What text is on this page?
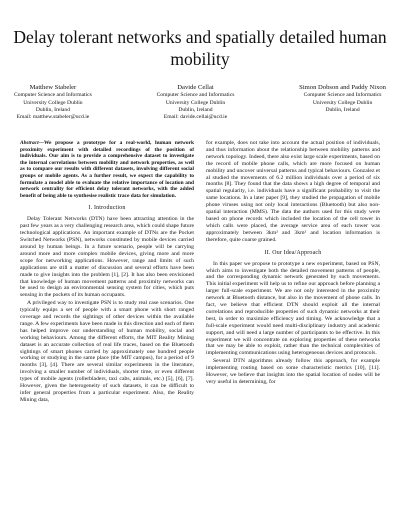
Delay tolerant networks and spatially detailed human mobility
Matthew Stabeler
Computer Science and Informatics
University College Dublin
Dublin, Ireland
Email: matthew.stabeler@ucd.ie
Davide Cellai
Computer Science and Informatics
University College Dublin
Dublin, Ireland
Email: davide.cellai@ucd.ie
Simon Dobson and Paddy Nixon
Computer Science and Informatics
University College Dublin
Dublin, Ireland
Abstract—We propose a prototype for a real-world, human network proximity experiment with detailed recordings of the position of individuals. Our aim is to provide a comprehensive dataset to investigate the internal correlations between mobility and network properties, as well as to compare our results with different datasets, involving different social groups or mobile agents. As a further result, we expect the capability to formulate a model able to evaluate the relative importance of location and network centrality for efficient delay tolerant networks, with the added benefit of being able to synthesise realistic trace data for simulation.
I. Introduction

Delay Tolerant Networks (DTN) have been attracting attention in the past few years as a very challenging research area, which could shape future technological applications. An important example of DTNs are the Pocket Switched Networks (PSN), networks constituted by mobile devices carried around by human beings. In a future scenario, people will be carrying around more and more complex mobile devices, giving more and more scope for networking applications. However, range and limits of such applications are still a matter of discussion and several efforts have been made to give insights into the problem [1], [2]. It has also been envisioned that knowledge of human movement patterns and proximity networks can be used to design an environmental sensing system for cities, which puts sensing in the pockets of its human occupants.

A privileged way to investigate PSN is to study real case scenarios. One typically equips a set of people with a smart phone with short ranged coverage and records the sightings of other devices within the available range. A few experiments have been made in this direction and each of them has helped improve our understanding of human mobility, social and working behaviours. Among the different efforts, the MIT Reality Mining dataset is an accurate collection of real life traces, based on the Bluetooth sightings of smart phones carried by approximately one hundred people working or studying in the same place (the MIT campus), for a period of 9 months [3], [4]. There are several similar experiments in the literature, involving a smaller number of individuals, shorter time, or even different types of mobile agents (rollerbladers, taxi cabs, animals, etc.) [5], [6], [7]. However, given the heterogeneity of such datasets, it can be difficult to infer general properties from a particular experiment. Also, the Reality Mining data,

for example, does not take into account the actual position of individuals, and thus information about the relationship between mobility patterns and network topology. Indeed, there also exist large scale experiments, based on the record of mobile phone calls, which are more focused on human mobility and uncover universal patterns and typical behaviours. Gonzalez et al studied the movements of 6.2 million individuals over a period of six months [8]. They found that the data shows a high degree of temporal and spatial regularity, i.e. individuals have a significant probability to visit the same locations. In a later paper [9], they studied the propagation of mobile phone viruses using not only local interactions (Bluetooth) but also non-spatial interaction (MMS). The data the authors used for this study were based on phone records which included the location of the cell tower in which calls were placed, the average service area of each tower was approximately between 3km² and 3km² and location information is therefore, quite coarse grained.

II. Our Idea/Approach

In this paper we propose to prototype a new experiment, based on PSN, which aims to investigate both the detailed movement patterns of people, and the corresponding dynamic network generated by such movements. This initial experiment will help us to refine our approach before planning a larger full-scale experiment. We are not only interested in the proximity network at Bluetooth distance, but also in the movement of phone calls. In fact, we believe that efficient DTN should exploit all the internal correlations and reproducible properties of such dynamic networks at their best, in order to maximize efficiency and timing. We acknowledge that a full-scale experiment would need multi-disciplinary industry and academic support, and will need a large number of participants to be effective. In this experiment we will concentrate on exploring properties of these networks that we may be able to exploit, rather than the technical complexities of implementing communications using heterogeneous devices and protocols.

Several DTN algorithms already follow this approach, for example implementing routing based on some characteristic metrics [10], [11]. However, we believe that insights into the spatial location of nodes will be very useful in determining, for
